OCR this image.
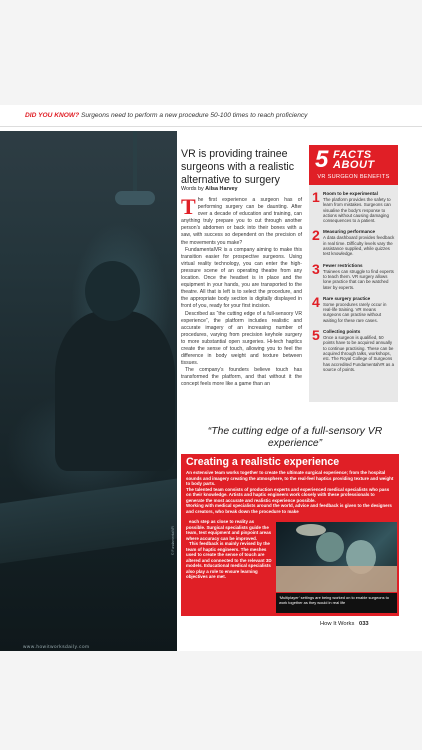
DID YOU KNOW? Surgeons need to perform a new procedure 50-100 times to reach proficiency
www.howitworksdaily.com
© FundamentalVR
VR is providing trainee surgeons with a realistic alternative to surgery
Words by Ailsa Harvey

The first experience a surgeon has of performing surgery can be daunting. After over a decade of education and training, can anything truly prepare you to cut through another person’s abdomen or back into their bones with a saw, with success so dependent on the precision of the movements you make?

FundamentalVR is a company aiming to make this transition easier for prospective surgeons. Using virtual reality technology, you can enter the high-pressure scene of an operating theatre from any location. Once the headset is in place and the equipment in your hands, you are transported to the theatre. All that is left is to select the procedure, and the appropriate body section is digitally displayed in front of you, ready for your first incision.

Described as “the cutting edge of a full-sensory VR experience”, the platform includes realistic and accurate imagery of an increasing number of procedures, varying from precision keyhole surgery to more substantial open surgeries. Hi-tech haptics create the sense of touch, allowing you to feel the difference in body weight and texture between tissues.

The company’s founders believe touch has transformed the platform, and that without it the concept feels more like a game than an

5 FACTS
ABOUT
VR SURGEON BENEFITS
1 Room to be experimental
The platform provides the safety to learn from mistakes. Surgeons can visualise the body’s response to actions without causing damaging consequences to a patient.
2 Measuring performance
A data dashboard provides feedback in real time. Difficulty levels vary the assistance supplied, while quizzes test knowledge.
3 Fewer restrictions
Trainees can struggle to find experts to teach them. VR surgery allows lone practice that can be watched later by experts.
4 Rare surgery practice
Some procedures rarely occur in real-life training. VR means surgeons can practise without waiting for these rare cases.
5 Collecting points
Once a surgeon is qualified, 50 points have to be acquired annually to continue practising. These can be acquired through talks, workshops, etc. The Royal College of Surgeons has accredited FundamentalVR as a source of points.
“The cutting edge of a full-sensory VR experience”
Creating a realistic experience

An extensive team works together to create the ultimate surgical experience; from the hospital sounds and imagery creating the atmosphere, to the real-feel haptics providing texture and weight to body parts.

The talented team consists of production experts and experienced medical specialists who pass on their knowledge. Artists and haptic engineers work closely with these professionals to generate the most accurate and realistic experience possible.

Working with medical specialists around the world, advice and feedback is given to the designers and creators, who break down the procedure to make

each step as close to reality as possible. Surgical specialists guide the team, test equipment and pinpoint areas where accuracy can be improved.

This feedback is mainly revised by the team of haptic engineers. The meshes used to create the sense of touch are altered and connected to the relevant 3D models. Educational medical specialists also play a role to ensure learning objectives are met.

‘Multiplayer’ settings are being worked on to enable surgeons to work together as they would in real life
How It Works 033
